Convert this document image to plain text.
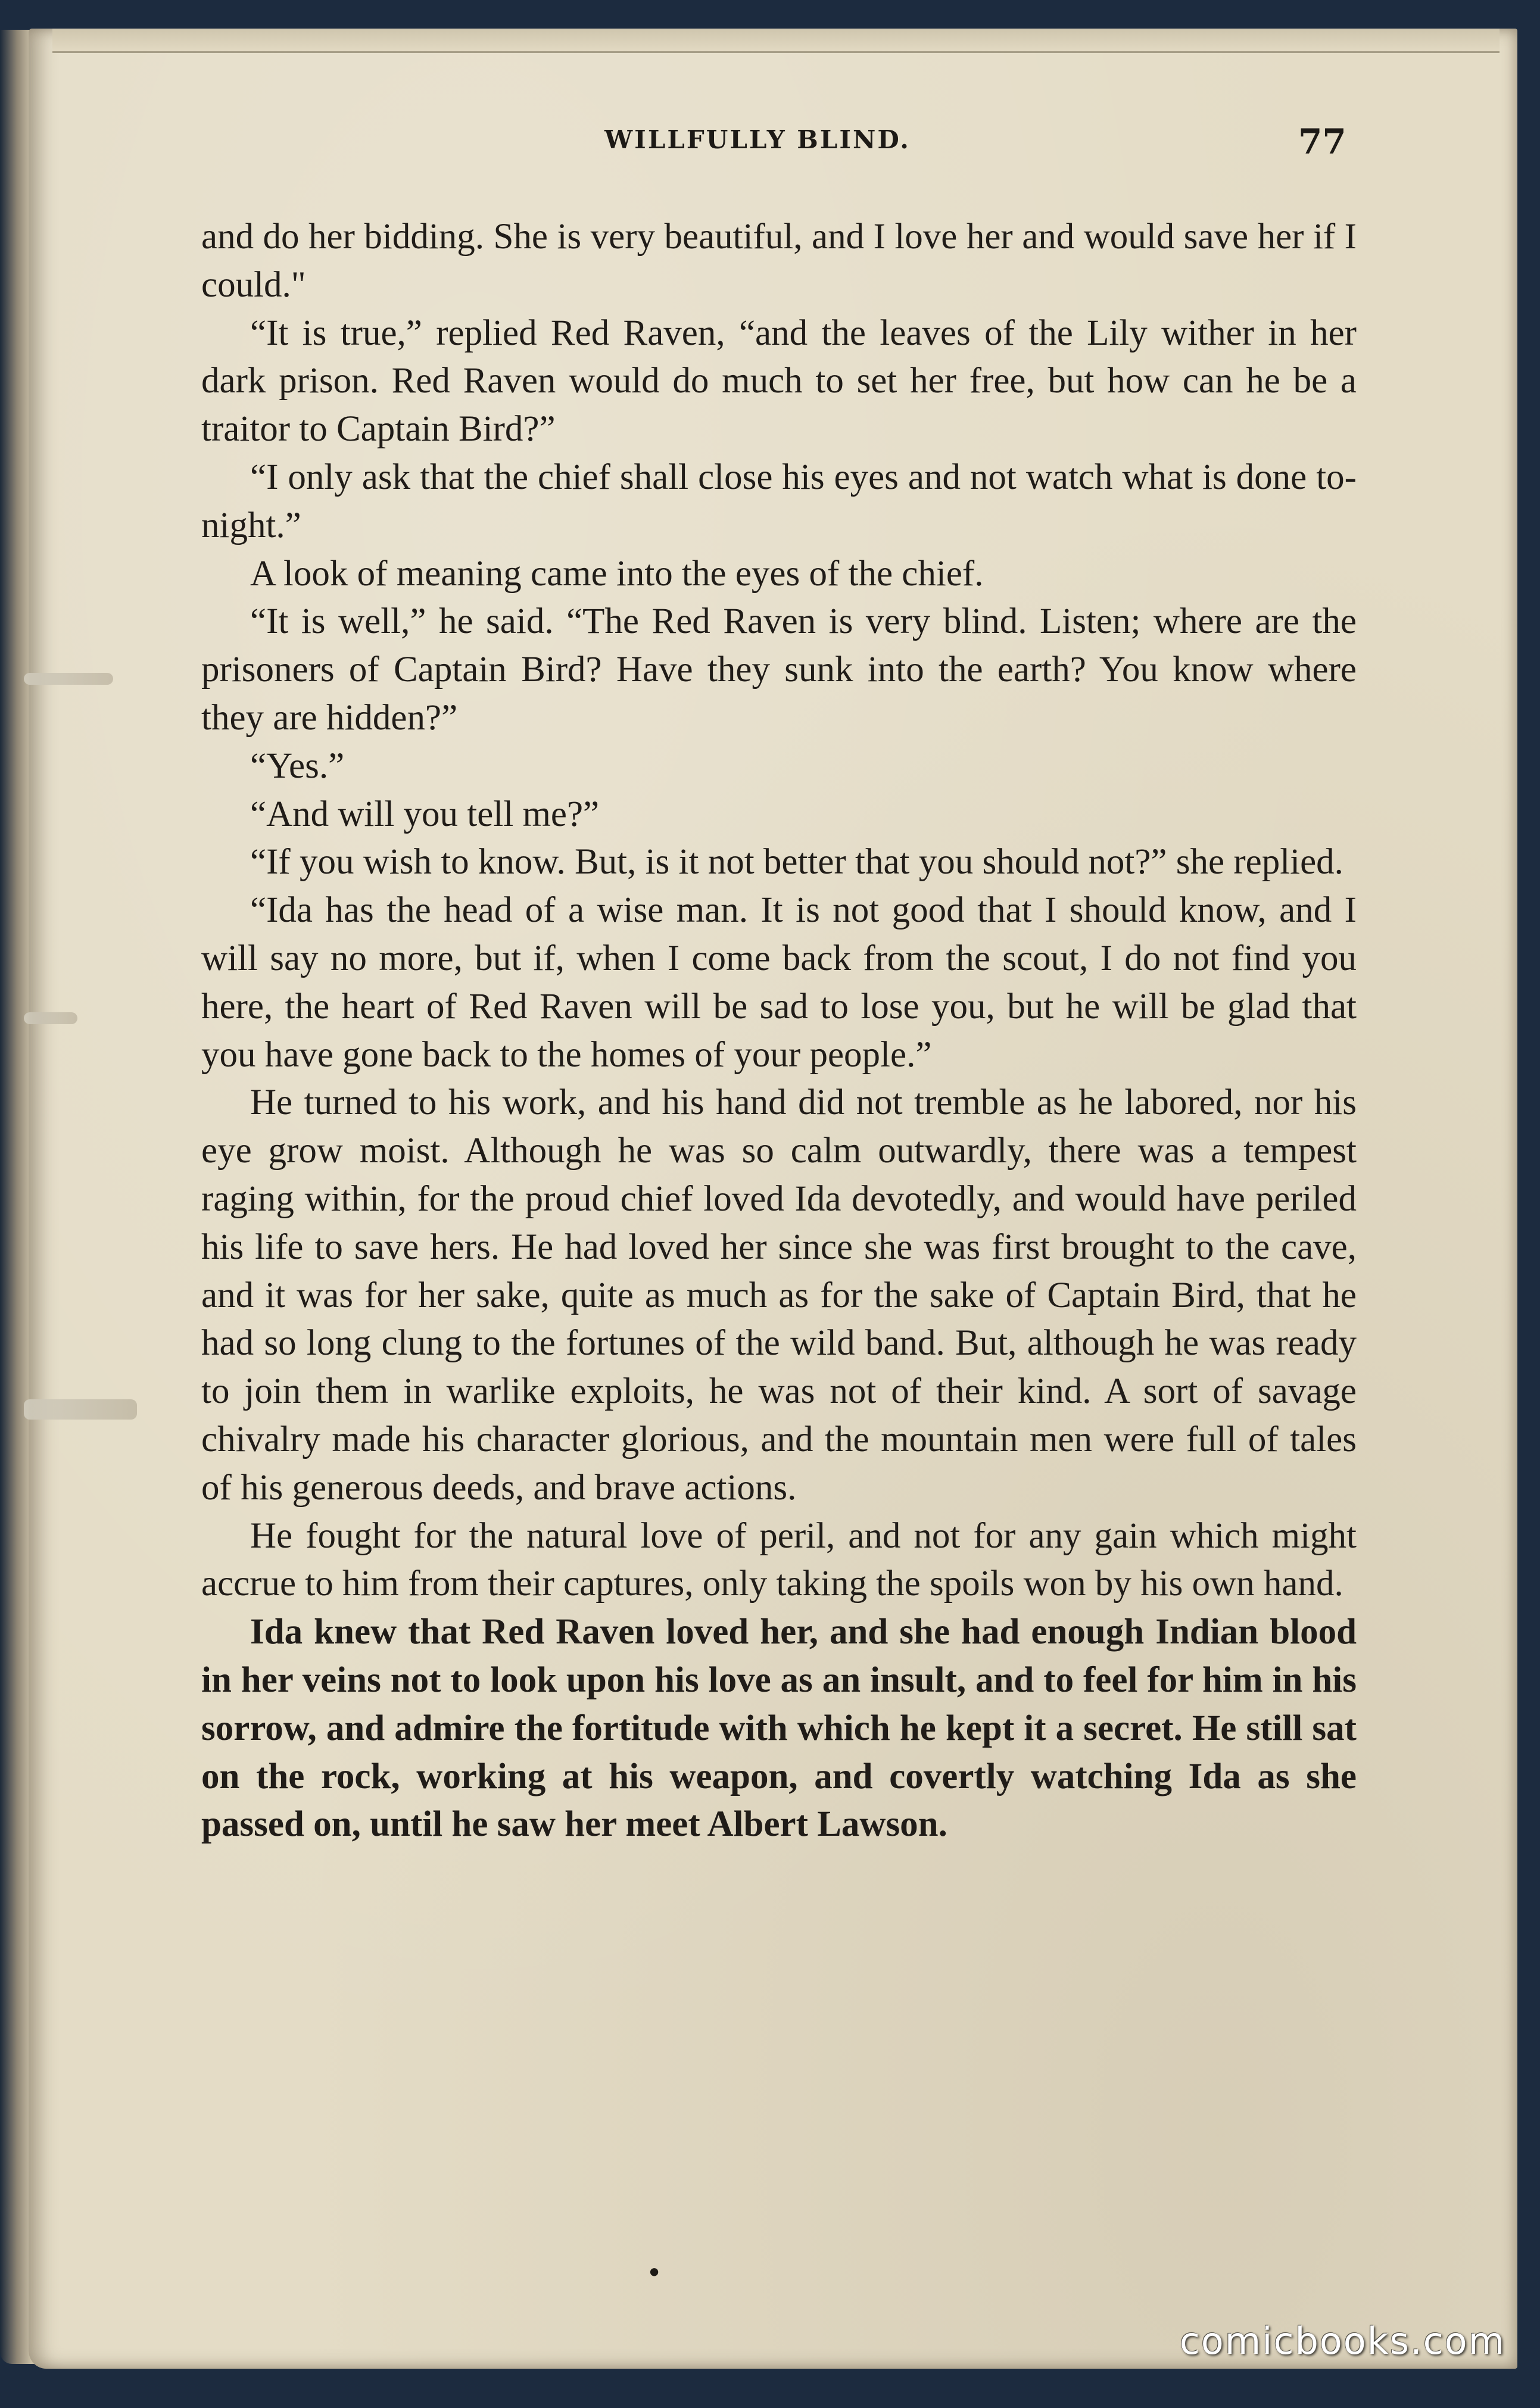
WILLFULLY BLIND.	77

and do her bidding. She is very beautiful, and I love her and would save her if I could."

“It is true,” replied Red Raven, “and the leaves of the Lily wither in her dark prison. Red Raven would do much to set her free, but how can he be a traitor to Captain Bird?”

“I only ask that the chief shall close his eyes and not watch what is done to-night.”

A look of meaning came into the eyes of the chief.

“It is well,” he said. “The Red Raven is very blind. Listen; where are the prisoners of Captain Bird? Have they sunk into the earth? You know where they are hidden?”

“Yes.”

“And will you tell me?”

“If you wish to know. But, is it not better that you should not?” she replied.

“Ida has the head of a wise man. It is not good that I should know, and I will say no more, but if, when I come back from the scout, I do not find you here, the heart of Red Raven will be sad to lose you, but he will be glad that you have gone back to the homes of your people.”

He turned to his work, and his hand did not tremble as he labored, nor his eye grow moist. Although he was so calm outwardly, there was a tempest raging within, for the proud chief loved Ida devotedly, and would have periled his life to save hers. He had loved her since she was first brought to the cave, and it was for her sake, quite as much as for the sake of Captain Bird, that he had so long clung to the fortunes of the wild band. But, although he was ready to join them in warlike exploits, he was not of their kind. A sort of savage chivalry made his character glorious, and the mountain men were full of tales of his generous deeds, and brave actions.

He fought for the natural love of peril, and not for any gain which might accrue to him from their captures, only taking the spoils won by his own hand.

Ida knew that Red Raven loved her, and she had enough Indian blood in her veins not to look upon his love as an insult, and to feel for him in his sorrow, and admire the fortitude with which he kept it a secret. He still sat on the rock, working at his weapon, and covertly watching Ida as she passed on, until he saw her meet Albert Lawson.

•
comicbooks.com
